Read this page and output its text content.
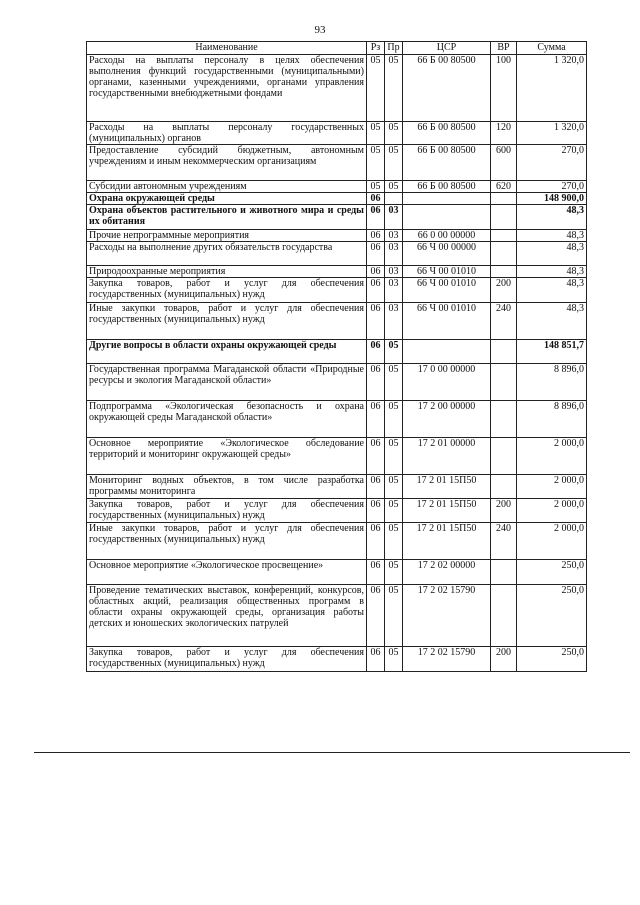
93
Наименование	Рз	Пр	ЦСР	ВР	Сумма
Расходы на выплаты персоналу в целях обеспечения выполнения функций государственными (муниципальными) органами, казенными учреждениями, органами управления государственными внебюджетными фондами	05	05	66 Б 00 80500	100	1 320,0
Расходы на выплаты персоналу государственных (муниципальных) органов	05	05	66 Б 00 80500	120	1 320,0
Предоставление субсидий бюджетным, автономным учреждениям и иным некоммерческим организациям	05	05	66 Б 00 80500	600	270,0
Субсидии автономным учреждениям	05	05	66 Б 00 80500	620	270,0
Охрана окружающей среды	06				148 900,0
Охрана объектов растительного и животного мира и среды их обитания	06	03			48,3
Прочие непрограммные мероприятия	06	03	66 0 00 00000		48,3
Расходы на выполнение других обязательств государства	06	03	66 Ч 00 00000		48,3
Природоохранные мероприятия	06	03	66 Ч 00 01010		48,3
Закупка товаров, работ и услуг для обеспечения государственных (муниципальных) нужд	06	03	66 Ч 00 01010	200	48,3
Иные закупки товаров, работ и услуг для обеспечения государственных (муниципальных) нужд	06	03	66 Ч 00 01010	240	48,3
Другие вопросы в области охраны окружающей среды	06	05			148 851,7
Государственная программа Магаданской области «Природные ресурсы и экология Магаданской области»	06	05	17 0 00 00000		8 896,0
Подпрограмма «Экологическая безопасность и охрана окружающей среды Магаданской области»	06	05	17 2 00 00000		8 896,0
Основное мероприятие «Экологическое обследование территорий и мониторинг окружающей среды»	06	05	17 2 01 00000		2 000,0
Мониторинг водных объектов, в том числе разработка программы мониторинга	06	05	17 2 01 15П50		2 000,0
Закупка товаров, работ и услуг для обеспечения государственных (муниципальных) нужд	06	05	17 2 01 15П50	200	2 000,0
Иные закупки товаров, работ и услуг для обеспечения государственных (муниципальных) нужд	06	05	17 2 01 15П50	240	2 000,0
Основное мероприятие «Экологическое просвещение»	06	05	17 2 02 00000		250,0
Проведение тематических выставок, конференций, конкурсов, областных акций, реализация общественных программ в области охраны окружающей среды, организация работы детских и юношеских экологических патрулей	06	05	17 2 02 15790		250,0
Закупка товаров, работ и услуг для обеспечения государственных (муниципальных) нужд	06	05	17 2 02 15790	200	250,0
